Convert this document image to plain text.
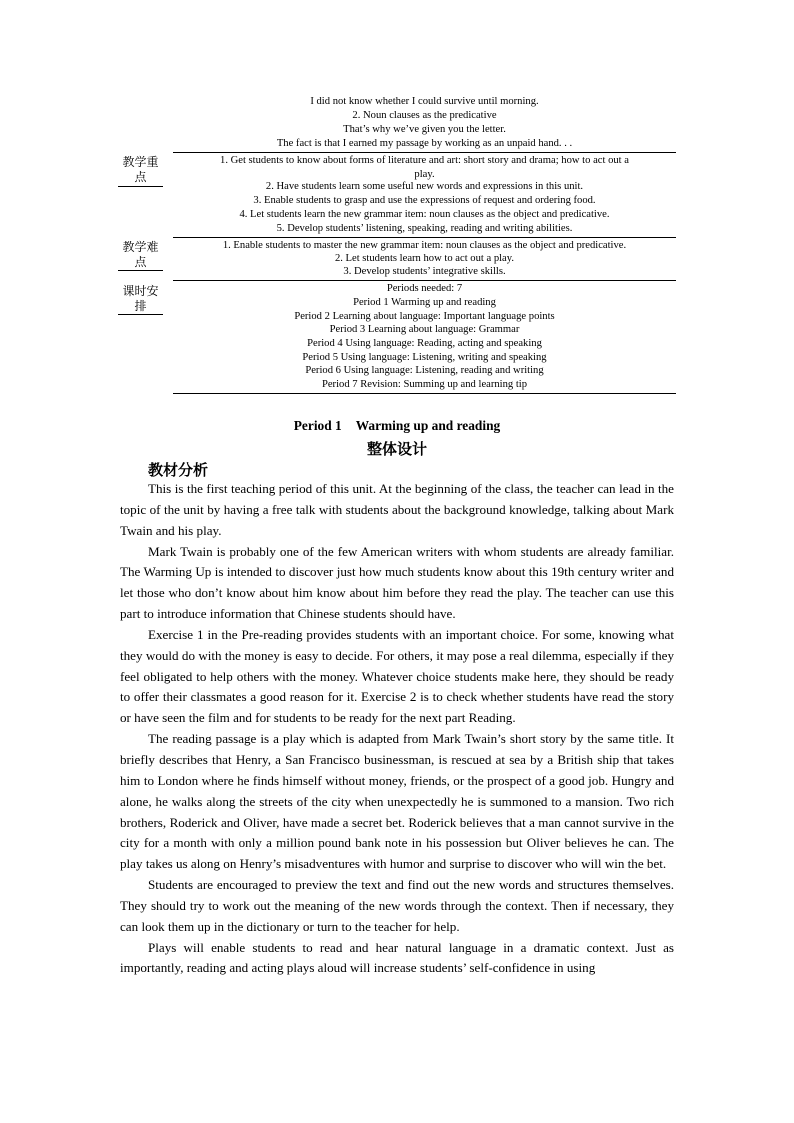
I did not know whether I could survive until morning.
2. Noun clauses as the predicative
That’s why we’ve given you the letter.
The fact is that I earned my passage by working as an unpaid hand. . .
教学重点
1. Get students to know about forms of literature and art: short story and drama; how to act out a
play.
2. Have students learn some useful new words and expressions in this unit.
3. Enable students to grasp and use the expressions of request and ordering food.
4. Let students learn the new grammar item: noun clauses as the object and predicative.
5. Develop students’ listening, speaking, reading and writing abilities.
教学难点
1. Enable students to master the new grammar item: noun clauses as the object and predicative.
2. Let students learn how to act out a play.
3. Develop students’ integrative skills.
课时安排
Periods needed: 7
Period 1 Warming up and reading
Period 2 Learning about language: Important language points
Period 3 Learning about language: Grammar
Period 4 Using language: Reading, acting and speaking
Period 5 Using language: Listening, writing and speaking
Period 6 Using language: Listening, reading and writing
Period 7 Revision: Summing up and learning tip
Period 1 Warming up and reading
整体设计
教材分析

This is the first teaching period of this unit. At the beginning of the class, the teacher can lead in the topic of the unit by having a free talk with students about the background knowledge, talking about Mark Twain and his play.

Mark Twain is probably one of the few American writers with whom students are already familiar. The Warming Up is intended to discover just how much students know about this 19th century writer and let those who don’t know about him know about him before they read the play. The teacher can use this part to introduce information that Chinese students should have.

Exercise 1 in the Pre-reading provides students with an important choice. For some, knowing what they would do with the money is easy to decide. For others, it may pose a real dilemma, especially if they feel obligated to help others with the money. Whatever choice students make here, they should be ready to offer their classmates a good reason for it. Exercise 2 is to check whether students have read the story or have seen the film and for students to be ready for the next part Reading.

The reading passage is a play which is adapted from Mark Twain’s short story by the same title. It briefly describes that Henry, a San Francisco businessman, is rescued at sea by a British ship that takes him to London where he finds himself without money, friends, or the prospect of a good job. Hungry and alone, he walks along the streets of the city when unexpectedly he is summoned to a mansion. Two rich brothers, Roderick and Oliver, have made a secret bet. Roderick believes that a man cannot survive in the city for a month with only a million pound bank note in his possession but Oliver believes he can. The play takes us along on Henry’s misadventures with humor and surprise to discover who will win the bet.

Students are encouraged to preview the text and find out the new words and structures themselves. They should try to work out the meaning of the new words through the context. Then if necessary, they can look them up in the dictionary or turn to the teacher for help.

Plays will enable students to read and hear natural language in a dramatic context. Just as importantly, reading and acting plays aloud will increase students’ self-confidence in using
